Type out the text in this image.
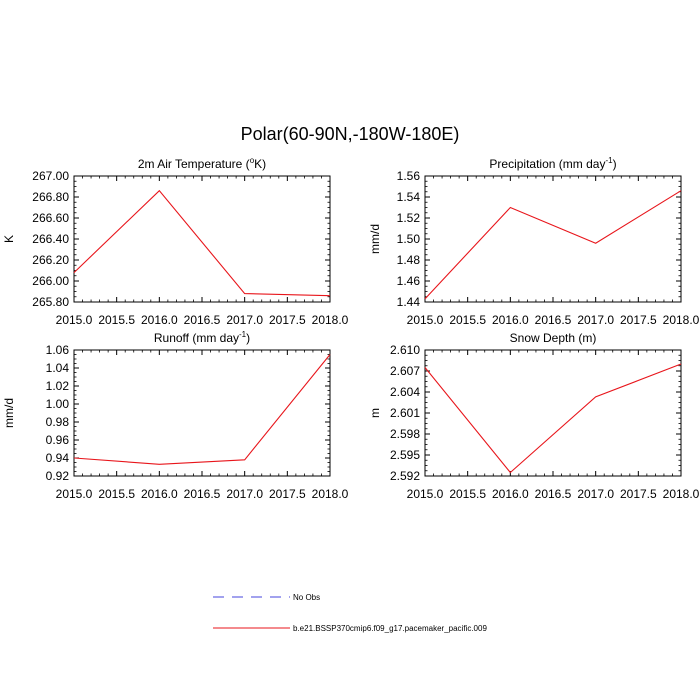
Polar(60-90N,-180W-180E)
2m Air Temperature ($^o$K)
K
2015.0 2015.5 2016.0 2016.5 2017.0 2017.5 2018.0
265.80
266.00
266.20
266.40
266.60
266.80
267.00
Precipitation (mm day$^{-1}$)
mm/d
2015.0 2015.5 2016.0 2016.5 2017.0 2017.5 2018.0
1.44
1.46
1.48
1.50
1.52
1.54
1.56
Runoff (mm day$^{-1}$)
mm/d
2015.0 2015.5 2016.0 2016.5 2017.0 2017.5 2018.0
0.92
0.94
0.96
0.98
1.00
1.02
1.04
1.06
Snow Depth (m)
m
2015.0 2015.5 2016.0 2016.5 2017.0 2017.5 2018.0
2.592
2.595
2.598
2.601
2.604
2.607
2.610
No Obs
b.e21.BSSP370cmip6.f09_g17.pacemaker_pacific.009
